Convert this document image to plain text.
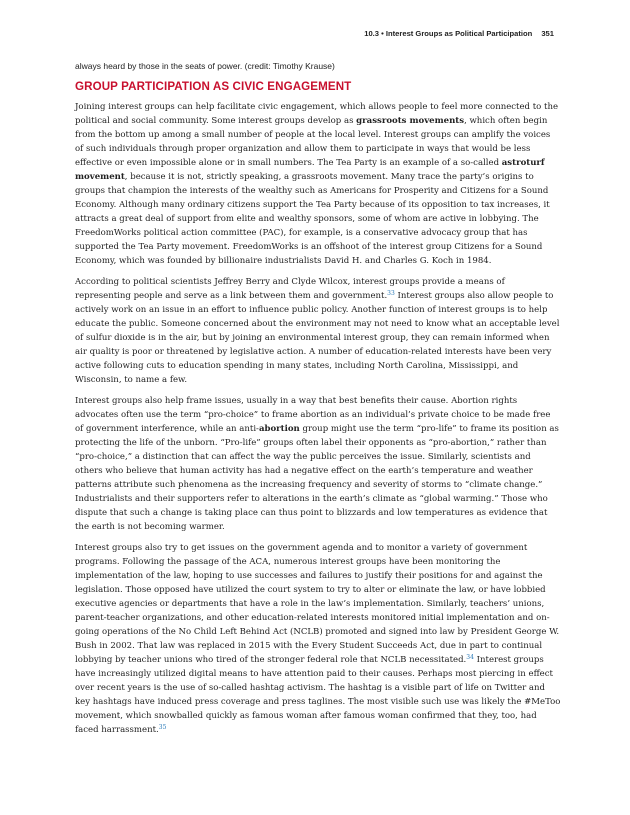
10.3 • Interest Groups as Political Participation 351

always heard by those in the seats of power. (credit: Timothy Krause)

GROUP PARTICIPATION AS CIVIC ENGAGEMENT

Joining interest groups can help facilitate civic engagement, which allows people to feel more connected to the
political and social community. Some interest groups develop as grassroots movements, which often begin
from the bottom up among a small number of people at the local level. Interest groups can amplify the voices
of such individuals through proper organization and allow them to participate in ways that would be less
effective or even impossible alone or in small numbers. The Tea Party is an example of a so-called astroturf
movement, because it is not, strictly speaking, a grassroots movement. Many trace the party’s origins to
groups that champion the interests of the wealthy such as Americans for Prosperity and Citizens for a Sound
Economy. Although many ordinary citizens support the Tea Party because of its opposition to tax increases, it
attracts a great deal of support from elite and wealthy sponsors, some of whom are active in lobbying. The
FreedomWorks political action committee (PAC), for example, is a conservative advocacy group that has
supported the Tea Party movement. FreedomWorks is an offshoot of the interest group Citizens for a Sound
Economy, which was founded by billionaire industrialists David H. and Charles G. Koch in 1984.

According to political scientists Jeffrey Berry and Clyde Wilcox, interest groups provide a means of
representing people and serve as a link between them and government.$^{33}$ Interest groups also allow people to
actively work on an issue in an effort to influence public policy. Another function of interest groups is to help
educate the public. Someone concerned about the environment may not need to know what an acceptable level
of sulfur dioxide is in the air, but by joining an environmental interest group, they can remain informed when
air quality is poor or threatened by legislative action. A number of education-related interests have been very
active following cuts to education spending in many states, including North Carolina, Mississippi, and
Wisconsin, to name a few.

Interest groups also help frame issues, usually in a way that best benefits their cause. Abortion rights
advocates often use the term “pro-choice” to frame abortion as an individual’s private choice to be made free
of government interference, while an anti-abortion group might use the term “pro-life” to frame its position as
protecting the life of the unborn. “Pro-life” groups often label their opponents as “pro-abortion,” rather than
“pro-choice,” a distinction that can affect the way the public perceives the issue. Similarly, scientists and
others who believe that human activity has had a negative effect on the earth’s temperature and weather
patterns attribute such phenomena as the increasing frequency and severity of storms to “climate change.”
Industrialists and their supporters refer to alterations in the earth’s climate as “global warming.” Those who
dispute that such a change is taking place can thus point to blizzards and low temperatures as evidence that
the earth is not becoming warmer.

Interest groups also try to get issues on the government agenda and to monitor a variety of government
programs. Following the passage of the ACA, numerous interest groups have been monitoring the
implementation of the law, hoping to use successes and failures to justify their positions for and against the
legislation. Those opposed have utilized the court system to try to alter or eliminate the law, or have lobbied
executive agencies or departments that have a role in the law’s implementation. Similarly, teachers’ unions,
parent-teacher organizations, and other education-related interests monitored initial implementation and on-
going operations of the No Child Left Behind Act (NCLB) promoted and signed into law by President George W.
Bush in 2002. That law was replaced in 2015 with the Every Student Succeeds Act, due in part to continual
lobbying by teacher unions who tired of the stronger federal role that NCLB necessitated.$^{34}$ Interest groups
have increasingly utilized digital means to have attention paid to their causes. Perhaps most piercing in effect
over recent years is the use of so-called hashtag activism. The hashtag is a visible part of life on Twitter and
key hashtags have induced press coverage and press taglines. The most visible such use was likely the #MeToo
movement, which snowballed quickly as famous woman after famous woman confirmed that they, too, had
faced harrassment.$^{35}$
